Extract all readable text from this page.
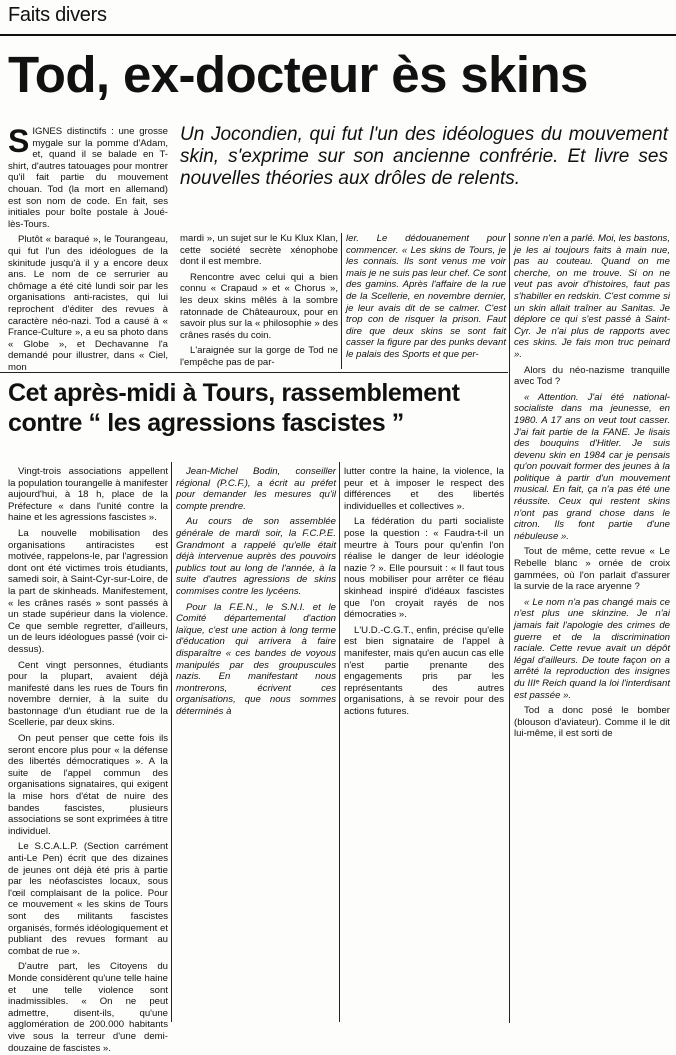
Faits divers
Tod, ex-docteur ès skins

SIGNES distinctifs : une grosse mygale sur la pomme d'Adam, et, quand il se balade en T-shirt, d'autres tatouages pour montrer qu'il fait partie du mouvement chouan. Tod (la mort en allemand) est son nom de code. En fait, ses initiales pour boîte postale à Joué-lès-Tours.

Plutôt « baraqué », le Tourangeau, qui fut l'un des idéologues de la skinitude jusqu'à il y a encore deux ans. Le nom de ce serrurier au chômage a été cité lundi soir par les organisations anti-racistes, qui lui reprochent d'éditer des revues à caractère néo-nazi. Tod a causé à « France-Culture », a eu sa photo dans « Globe », et Dechavanne l'a demandé pour illustrer, dans « Ciel, mon

Un Jocondien, qui fut l'un des idéologues du mouvement skin, s'exprime sur son ancienne confrérie. Et livre ses nouvelles théories aux drôles de relents.

mardi », un sujet sur le Ku Klux Klan, cette société secrète xénophobe dont il est membre.

Rencontre avec celui qui a bien connu « Crapaud » et « Chorus », les deux skins mêlés à la sombre ratonnade de Châteauroux, pour en savoir plus sur la « philosophie » des crânes rasés du coin.

L'araignée sur la gorge de Tod ne l'empêche pas de par-

ler. Le dédouanement pour commencer. « Les skins de Tours, je les connais. Ils sont venus me voir mais je ne suis pas leur chef. Ce sont des gamins. Après l'affaire de la rue de la Scellerie, en novembre dernier, je leur avais dit de se calmer. C'est trop con de risquer la prison. Faut dire que deux skins se sont fait casser la figure par des punks devant le palais des Sports et que per-

sonne n'en a parlé. Moi, les bastons, je les ai toujours faits à main nue, pas au couteau. Quand on me cherche, on me trouve. Si on ne veut pas avoir d'histoires, faut pas s'habiller en redskin. C'est comme si un skin allait traîner au Sanitas. Je déplore ce qui s'est passé à Saint-Cyr. Je n'ai plus de rapports avec ces skins. Je fais mon truc peinard ».

Alors du néo-nazisme tranquille avec Tod ?

« Attention. J'ai été national-socialiste dans ma jeunesse, en 1980. A 17 ans on veut tout casser. J'ai fait partie de la FANE. Je lisais des bouquins d'Hitler. Je suis devenu skin en 1984 car je pensais qu'on pouvait former des jeunes à la politique à partir d'un mouvement musical. En fait, ça n'a pas été une réussite. Ceux qui restent skins n'ont pas grand chose dans le citron. Ils font partie d'une nébuleuse ».

Tout de même, cette revue « Le Rebelle blanc » ornée de croix gammées, où l'on parlait d'assurer la survie de la race aryenne ?

« Le nom n'a pas changé mais ce n'est plus une skinzine. Je n'ai jamais fait l'apologie des crimes de guerre et de la discrimination raciale. Cette revue avait un dépôt légal d'ailleurs. De toute façon on a arrêté la reproduction des insignes du IIIᵉ Reich quand la loi l'interdisant est passée ».

Tod a donc posé le bomber (blouson d'aviateur). Comme il le dit lui-même, il est sorti de

Cet après-midi à Tours, rassemblement contre “ les agressions fascistes ”

Vingt-trois associations appellent la population tourangelle à manifester aujourd'hui, à 18 h, place de la Préfecture « dans l'unité contre la haine et les agressions fascistes ».

La nouvelle mobilisation des organisations antiracistes est motivée, rappelons-le, par l'agression dont ont été victimes trois étudiants, samedi soir, à Saint-Cyr-sur-Loire, de la part de skinheads. Manifestement, « les crânes rasés » sont passés à un stade supérieur dans la violence. Ce que semble regretter, d'ailleurs, un de leurs idéologues passé (voir ci-dessus).

Cent vingt personnes, étudiants pour la plupart, avaient déjà manifesté dans les rues de Tours fin novembre dernier, à la suite du bastonnage d'un étudiant rue de la Scellerie, par deux skins.

On peut penser que cette fois ils seront encore plus pour « la défense des libertés démocratiques ». A la suite de l'appel commun des organisations signataires, qui exigent la mise hors d'état de nuire des bandes fascistes, plusieurs associations se sont exprimées à titre individuel.

Le S.C.A.L.P. (Section carrément anti-Le Pen) écrit que des dizaines de jeunes ont déjà été pris à partie par les néofascistes locaux, sous l'œil complaisant de la police. Pour ce mouvement « les skins de Tours sont des militants fascistes organisés, formés idéologiquement et publiant des revues formant au combat de rue ».

D'autre part, les Citoyens du Monde considèrent qu'une telle haine et une telle violence sont inadmissibles. « On ne peut admettre, disent-ils, qu'une agglomération de 200.000 habitants vive sous la terreur d'une demi-douzaine de fascistes ».

Jean-Michel Bodin, conseiller régional (P.C.F.), a écrit au préfet pour demander les mesures qu'il compte prendre.

Au cours de son assemblée générale de mardi soir, la F.C.P.E. Grandmont a rappelé qu'elle était déjà intervenue auprès des pouvoirs publics tout au long de l'année, à la suite d'autres agressions de skins commises contre les lycéens.

Pour la F.E.N., le S.N.I. et le Comité départemental d'action laïque, c'est une action à long terme d'éducation qui arrivera à faire disparaître « ces bandes de voyous manipulés par des groupuscules nazis. En manifestant nous montrerons, écrivent ces organisations, que nous sommes déterminés à

lutter contre la haine, la violence, la peur et à imposer le respect des différences et des libertés individuelles et collectives ».

La fédération du parti socialiste pose la question : « Faudra-t-il un meurtre à Tours pour qu'enfin l'on réalise le danger de leur idéologie nazie ? ». Elle poursuit : « Il faut tous nous mobiliser pour arrêter ce fléau skinhead inspiré d'idéaux fascistes que l'on croyait rayés de nos démocraties ».

L'U.D.-C.G.T., enfin, précise qu'elle est bien signataire de l'appel à manifester, mais qu'en aucun cas elle n'est partie prenante des engagements pris par les représentants des autres organisations, à se revoir pour des actions futures.
